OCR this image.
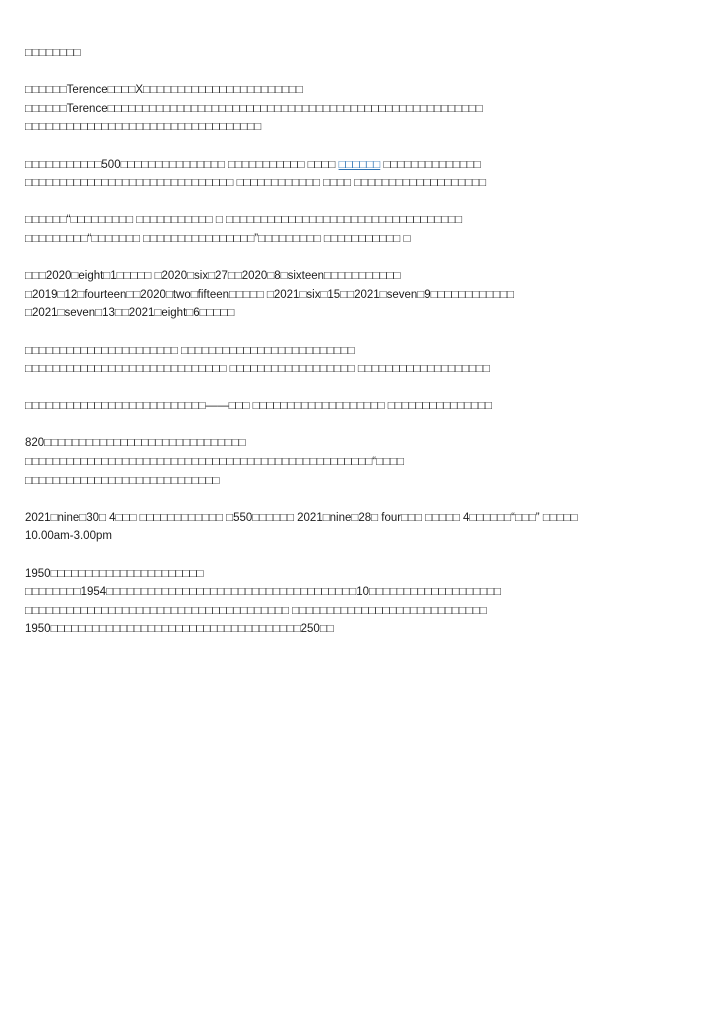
□□□□□□□□

□□□□□□Terence□□□□X□□□□□□□□□□□□□□□□□□□□□□□
□□□□□□Terence□□□□□□□□□□□□□□□□□□□□□□□□□□□□□□□□□□□□□□□□□□□□□□□□□□□□□□
□□□□□□□□□□□□□□□□□□□□□□□□□□□□□□□□□□

□□□□□□□□□□□500□□□□□□□□□□□□□□□ □□□□□□□□□□□ □□□□ □□□□□□ □□□□□□□□□□□□□□
□□□□□□□□□□□□□□□□□□□□□□□□□□□□□□ □□□□□□□□□□□□ □□□□ □□□□□□□□□□□□□□□□□□□

□□□□□□“□□□□□□□□□ □□□□□□□□□□□ □ □□□□□□□□□□□□□□□□□□□□□□□□□□□□□□□□□□
□□□□□□□□□“□□□□□□□ □□□□□□□□□□□□□□□□”□□□□□□□□□ □□□□□□□□□□□ □

□□□2020□eight□1□□□□□ □2020□six□27□□2020□8□sixteen□□□□□□□□□□□
□2019□12□fourteen□□2020□two□fifteen□□□□□ □2021□six□15□□2021□seven□9□□□□□□□□□□□□
□2021□seven□13□□2021□eight□6□□□□□

□□□□□□□□□□□□□□□□□□□□□□ □□□□□□□□□□□□□□□□□□□□□□□□□
□□□□□□□□□□□□□□□□□□□□□□□□□□□□□ □□□□□□□□□□□□□□□□□□ □□□□□□□□□□□□□□□□□□□

□□□□□□□□□□□□□□□□□□□□□□□□□□——□□□ □□□□□□□□□□□□□□□□□□□ □□□□□□□□□□□□□□□

820□□□□□□□□□□□□□□□□□□□□□□□□□□□□□
□□□□□□□□□□□□□□□□□□□□□□□□□□□□□□□□□□□□□□□□□□□□□□□□□□“□□□□
□□□□□□□□□□□□□□□□□□□□□□□□□□□□

2021□nine□30□ 4□□□ □□□□□□□□□□□□ □550□□□□□□ 2021□nine□28□ four□□□ □□□□□ 4□□□□□□“□□□” □□□□□
10.00am-3.00pm

1950□□□□□□□□□□□□□□□□□□□□□□
□□□□□□□□1954□□□□□□□□□□□□□□□□□□□□□□□□□□□□□□□□□□□□10□□□□□□□□□□□□□□□□□□□
□□□□□□□□□□□□□□□□□□□□□□□□□□□□□□□□□□□□□□ □□□□□□□□□□□□□□□□□□□□□□□□□□□□
1950□□□□□□□□□□□□□□□□□□□□□□□□□□□□□□□□□□□□250□□
